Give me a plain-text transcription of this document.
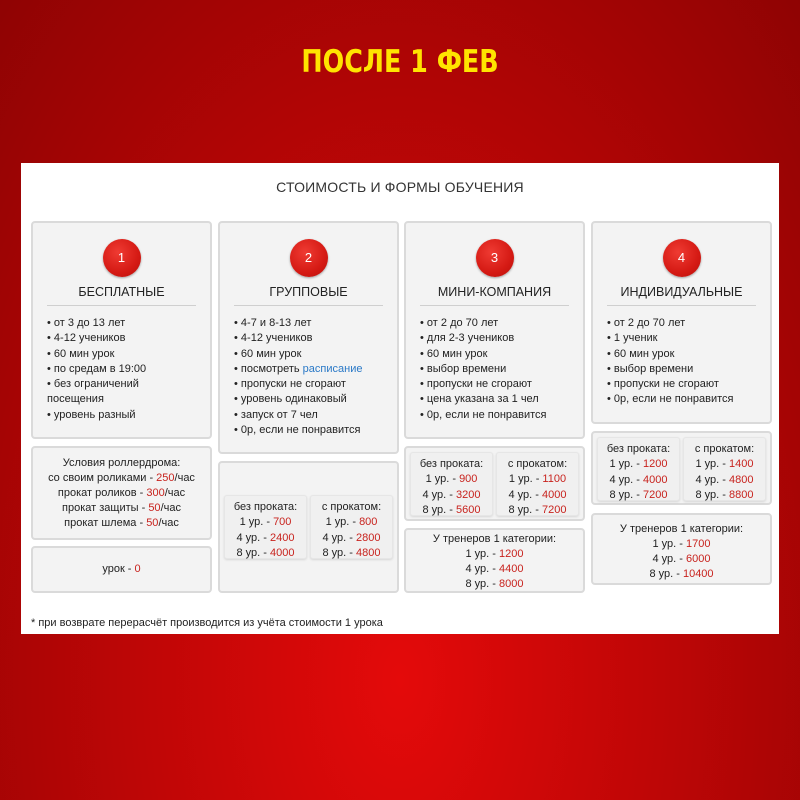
ПОСЛЕ 1 ФЕВ
СТОИМОСТЬ И ФОРМЫ ОБУЧЕНИЯ
1
БЕСПЛАТНЫЕ
• от 3 до 13 лет
• 4-12 учеников
• 60 мин урок
• по средам в 19:00
• без ограничений
посещения
• уровень разный
Условия роллердрома:
со своим роликами - 250/час
прокат роликов - 300/час
прокат защиты - 50/час
прокат шлема - 50/час
урок - 0
2
ГРУППОВЫЕ
• 4-7 и 8-13 лет
• 4-12 учеников
• 60 мин урок
• посмотреть расписание
• пропуски не сгорают
• уровень одинаковый
• запуск от 7 чел
• 0р, если не понравится
без проката:
1 ур. - 700
4 ур. - 2400
8 ур. - 4000
с прокатом:
1 ур. - 800
4 ур. - 2800
8 ур. - 4800
3
МИНИ-КОМПАНИЯ
• от 2 до 70 лет
• для 2-3 учеников
• 60 мин урок
• выбор времени
• пропуски не сгорают
• цена указана за 1 чел
• 0р, если не понравится
без проката:
1 ур. - 900
4 ур. - 3200
8 ур. - 5600
с прокатом:
1 ур. - 1100
4 ур. - 4000
8 ур. - 7200
У тренеров 1 категории:
1 ур. - 1200
4 ур. - 4400
8 ур. - 8000
4
ИНДИВИДУАЛЬНЫЕ
• от 2 до 70 лет
• 1 ученик
• 60 мин урок
• выбор времени
• пропуски не сгорают
• 0р, если не понравится
без проката:
1 ур. - 1200
4 ур. - 4000
8 ур. - 7200
с прокатом:
1 ур. - 1400
4 ур. - 4800
8 ур. - 8800
У тренеров 1 категории:
1 ур. - 1700
4 ур. - 6000
8 ур. - 10400
* при возврате перерасчёт производится из учёта стоимости 1 урока
